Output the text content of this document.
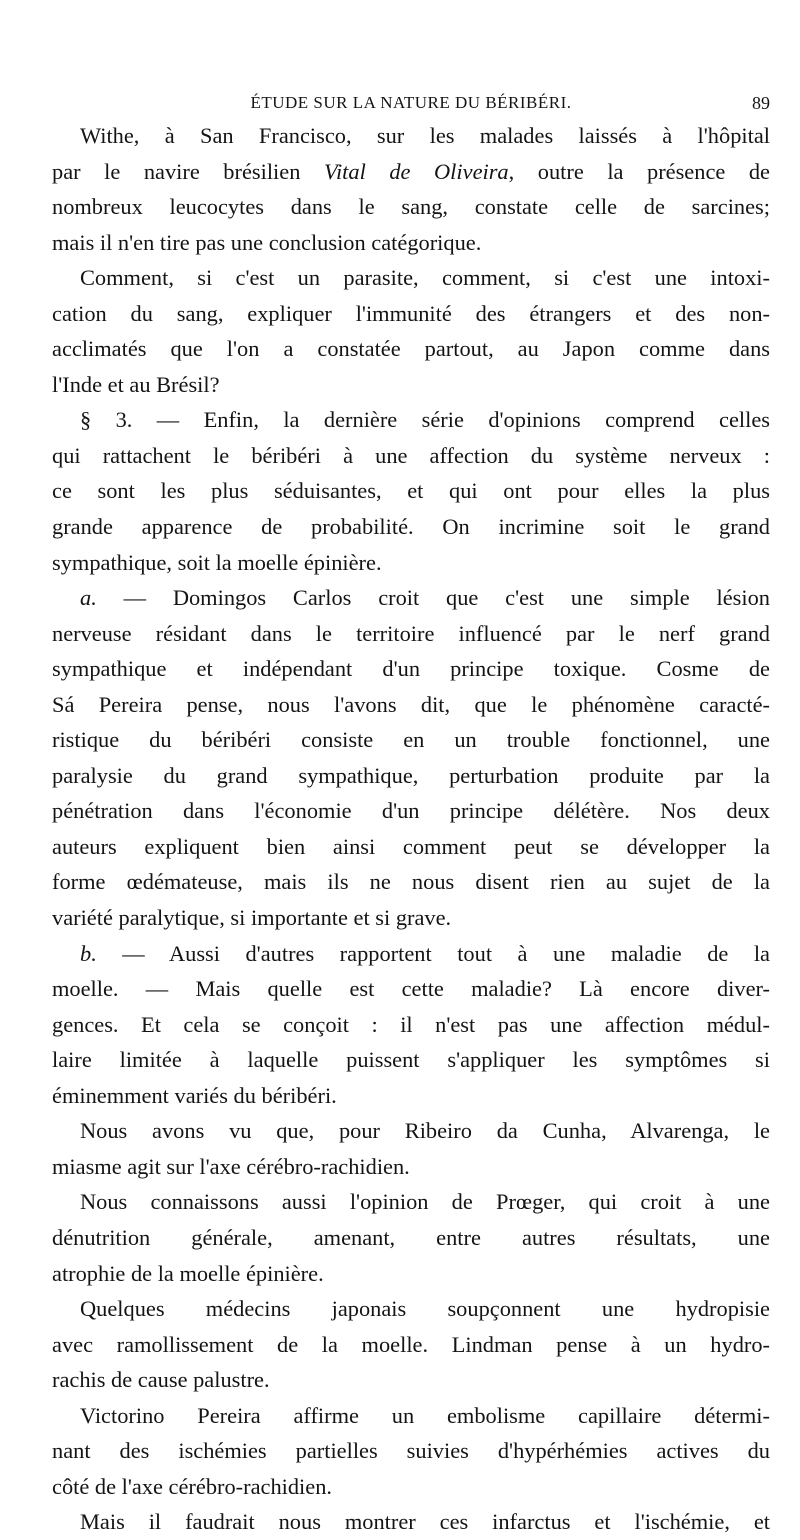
ÉTUDE SUR LA NATURE DU BÉRIBÉRI.	89

Withe, à San Francisco, sur les malades laissés à l'hôpital
par le navire brésilien Vital de Oliveira, outre la présence de
nombreux leucocytes dans le sang, constate celle de sarcines;
mais il n'en tire pas une conclusion catégorique.

Comment, si c'est un parasite, comment, si c'est une intoxi-
cation du sang, expliquer l'immunité des étrangers et des non-
acclimatés que l'on a constatée partout, au Japon comme dans
l'Inde et au Brésil?

§ 3. — Enfin, la dernière série d'opinions comprend celles
qui rattachent le béribéri à une affection du système nerveux :
ce sont les plus séduisantes, et qui ont pour elles la plus
grande apparence de probabilité. On incrimine soit le grand
sympathique, soit la moelle épinière.

a. — Domingos Carlos croit que c'est une simple lésion
nerveuse résidant dans le territoire influencé par le nerf grand
sympathique et indépendant d'un principe toxique. Cosme de
Sá Pereira pense, nous l'avons dit, que le phénomène caracté-
ristique du béribéri consiste en un trouble fonctionnel, une
paralysie du grand sympathique, perturbation produite par la
pénétration dans l'économie d'un principe délétère. Nos deux
auteurs expliquent bien ainsi comment peut se développer la
forme œdémateuse, mais ils ne nous disent rien au sujet de la
variété paralytique, si importante et si grave.

b. — Aussi d'autres rapportent tout à une maladie de la
moelle. — Mais quelle est cette maladie? Là encore diver-
gences. Et cela se conçoit : il n'est pas une affection médul-
laire limitée à laquelle puissent s'appliquer les symptômes si
éminemment variés du béribéri.

Nous avons vu que, pour Ribeiro da Cunha, Alvarenga, le
miasme agit sur l'axe cérébro-rachidien.

Nous connaissons aussi l'opinion de Prœger, qui croit à une
dénutrition générale, amenant, entre autres résultats, une
atrophie de la moelle épinière.

Quelques médecins japonais soupçonnent une hydropisie
avec ramollissement de la moelle. Lindman pense à un hydro-
rachis de cause palustre.

Victorino Pereira affirme un embolisme capillaire détermi-
nant des ischémies partielles suivies d'hypérhémies actives du
côté de l'axe cérébro-rachidien.

Mais il faudrait nous montrer ces infarctus et l'ischémie, et
